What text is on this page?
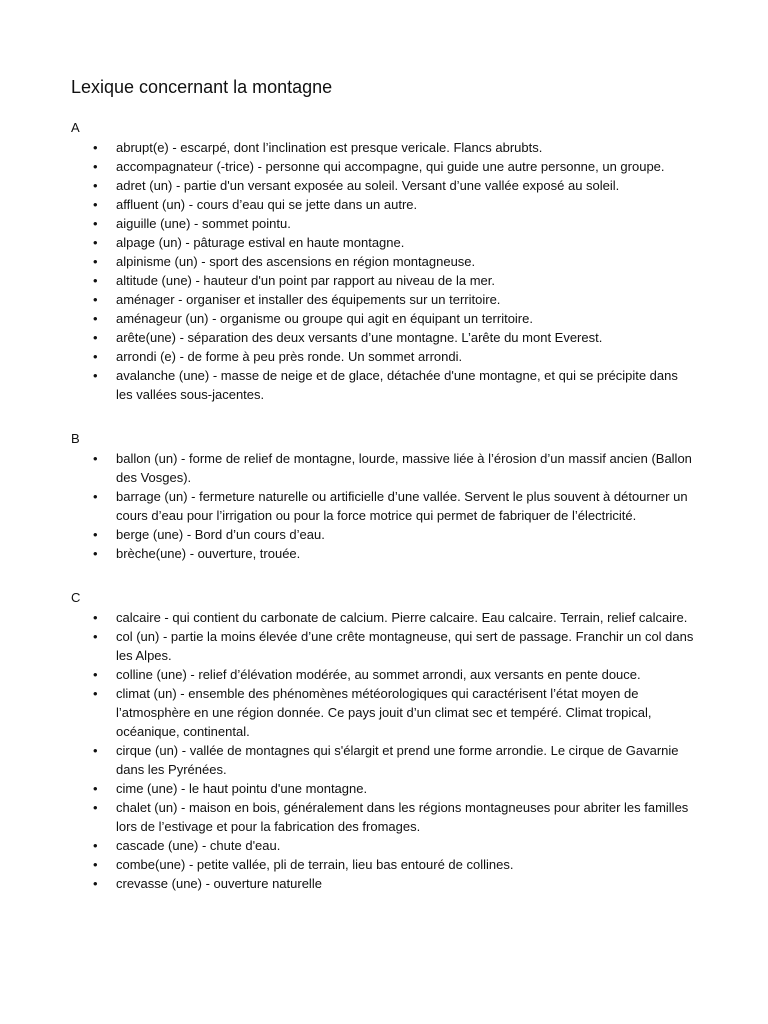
Lexique concernant la montagne
A
• abrupt(e) - escarpé, dont l’inclination est presque vericale. Flancs abrubts.
• accompagnateur (-trice) - personne qui accompagne, qui guide une autre personne, un groupe.
• adret (un) - partie d'un versant exposée au soleil. Versant d’une vallée exposé au soleil.
• affluent (un) - cours d’eau qui se jette dans un autre.
• aiguille (une) - sommet pointu.
• alpage (un) - pâturage estival en haute montagne.
• alpinisme (un) - sport des ascensions en région montagneuse.
• altitude (une) - hauteur d'un point par rapport au niveau de la mer.
• aménager - organiser et installer des équipements sur un territoire.
• aménageur (un) - organisme ou groupe qui agit en équipant un territoire.
• arête(une) - séparation des deux versants d’une montagne. L’arête du mont Everest.
• arrondi (e) - de forme à peu près ronde. Un sommet arrondi.
• avalanche (une) - masse de neige et de glace, détachée d'une montagne, et qui se précipite dans les vallées sous-jacentes.
B
• ballon (un) - forme de relief de montagne, lourde, massive liée à l’érosion d’un massif ancien (Ballon des Vosges).
• barrage (un) - fermeture naturelle ou artificielle d’une vallée. Servent le plus souvent à détourner un cours d’eau pour l’irrigation ou pour la force motrice qui permet de fabriquer de l’électricité.
• berge (une) - Bord d’un cours d’eau.
• brèche(une) - ouverture, trouée.
C
• calcaire - qui contient du carbonate de calcium. Pierre calcaire. Eau calcaire. Terrain, relief calcaire.
• col (un) - partie la moins élevée d’une crête montagneuse, qui sert de passage. Franchir un col dans les Alpes.
• colline (une) - relief d’élévation modérée, au sommet arrondi, aux versants en pente douce.
• climat (un) - ensemble des phénomènes météorologiques qui caractérisent l’état moyen de l’atmosphère en une région donnée. Ce pays jouit d’un climat sec et tempéré. Climat tropical, océanique, continental.
• cirque (un) - vallée de montagnes qui s'élargit et prend une forme arrondie. Le cirque de Gavarnie dans les Pyrénées.
• cime (une) - le haut pointu d'une montagne.
• chalet (un) - maison en bois, généralement dans les régions montagneuses pour abriter les familles lors de l’estivage et pour la fabrication des fromages.
• cascade (une) - chute d'eau.
• combe(une) - petite vallée, pli de terrain, lieu bas entouré de collines.
• crevasse (une) - ouverture naturelle
